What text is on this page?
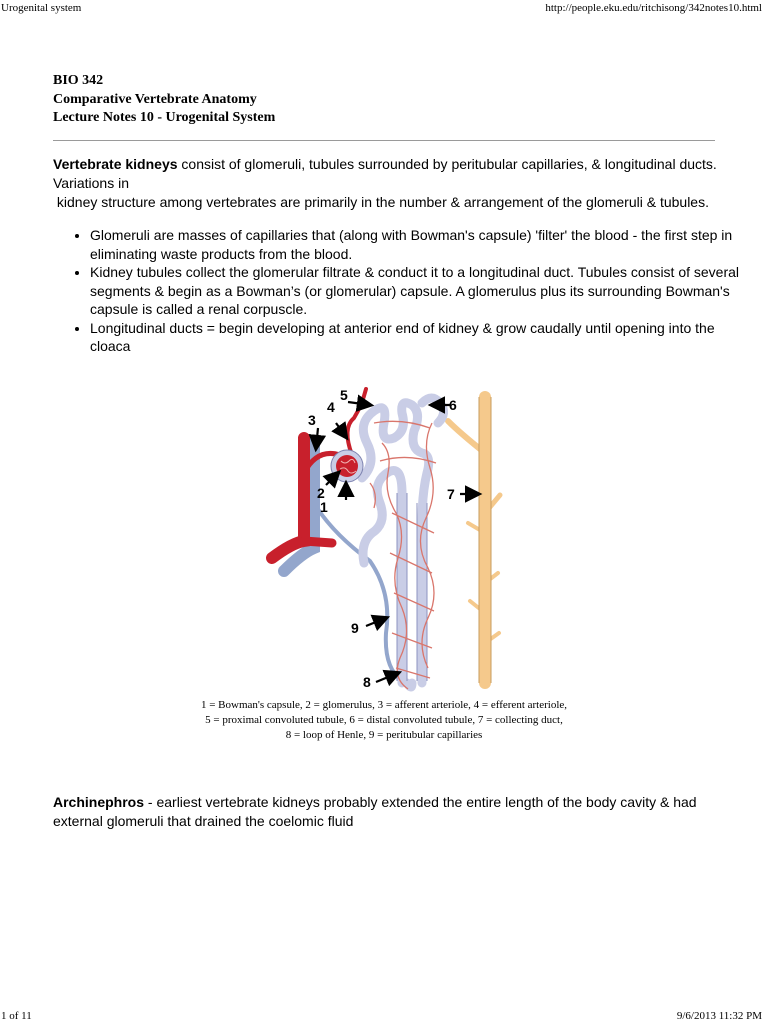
Urogenital system	http://people.eku.edu/ritchisong/342notes10.html
BIO 342
Comparative Vertebrate Anatomy
Lecture Notes 10 - Urogenital System
Vertebrate kidneys consist of glomeruli, tubules surrounded by peritubular capillaries, & longitudinal ducts.
Variations in
kidney structure among vertebrates are primarily in the number & arrangement of the glomeruli & tubules.
• Glomeruli are masses of capillaries that (along with Bowman's capsule) 'filter' the blood - the first step in eliminating waste products from the blood.
• Kidney tubules collect the glomerular filtrate & conduct it to a longitudinal duct. Tubules consist of several segments & begin as a Bowman’s (or glomerular) capsule. A glomerulus plus its surrounding Bowman's capsule is called a renal corpuscle.
• Longitudinal ducts = begin developing at anterior end of kidney & grow caudally until opening into the cloaca
1
2
3
4
5
6
7
8
9
1 = Bowman's capsule, 2 = glomerulus, 3 = afferent arteriole, 4 = efferent arteriole,
5 = proximal convoluted tubule, 6 = distal convoluted tubule, 7 = collecting duct,
8 = loop of Henle, 9 = peritubular capillaries
Archinephros - earliest vertebrate kidneys probably extended the entire length of the body cavity & had external glomeruli that drained the coelomic fluid
1 of 11	9/6/2013 11:32 PM
